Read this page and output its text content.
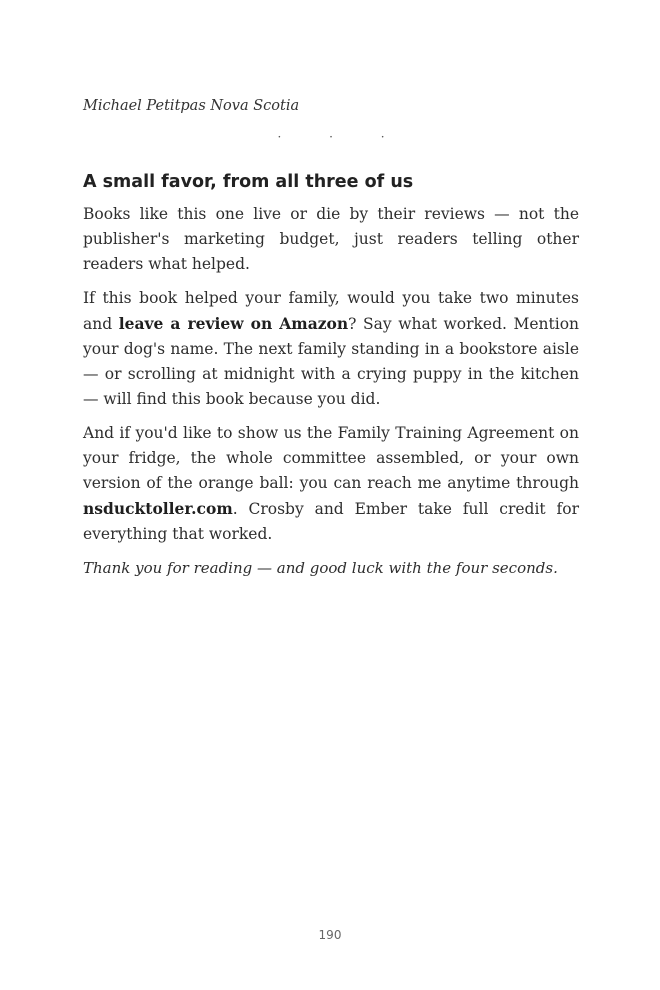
Michael Petitpas Nova Scotia

· · ·
A small favor, from all three of us

Books like this one live or die by their reviews — not the publisher's marketing budget, just readers telling other readers what helped.

If this book helped your family, would you take two minutes and leave a review on Amazon? Say what worked. Mention your dog's name. The next family standing in a bookstore aisle — or scrolling at midnight with a crying puppy in the kitchen — will find this book because you did.

And if you'd like to show us the Family Training Agreement on your fridge, the whole committee assembled, or your own version of the orange ball: you can reach me anytime through nsducktoller.com. Crosby and Ember take full credit for everything that worked.

Thank you for reading — and good luck with the four seconds.

190
